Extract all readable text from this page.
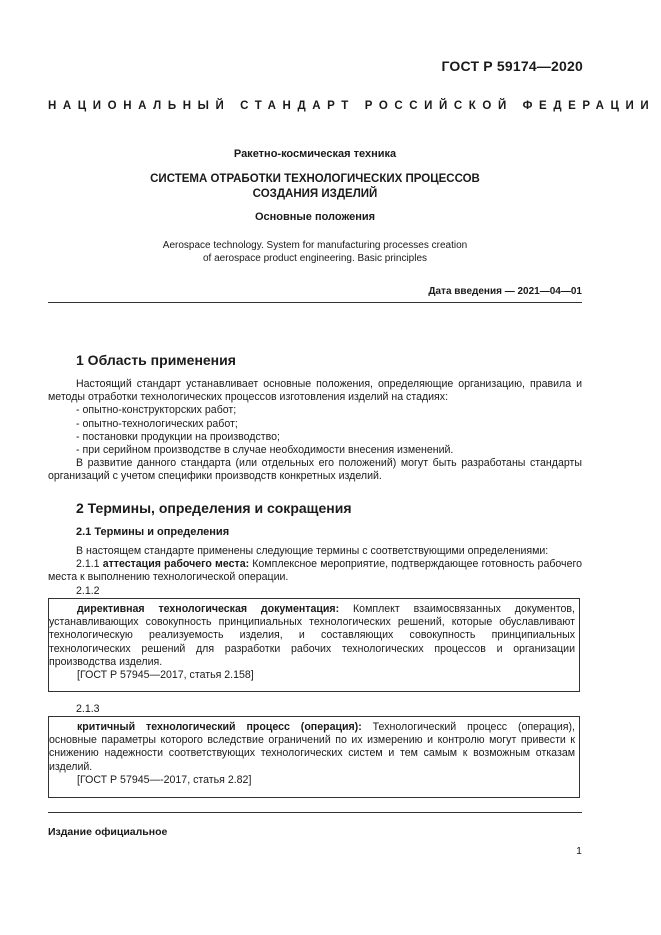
ГОСТ Р 59174—2020
НАЦИОНАЛЬНЫЙ СТАНДАРТ РОССИЙСКОЙ ФЕДЕРАЦИИ
Ракетно-космическая техника
СИСТЕМА ОТРАБОТКИ ТЕХНОЛОГИЧЕСКИХ ПРОЦЕССОВ
СОЗДАНИЯ ИЗДЕЛИЙ
Основные положения
Aerospace technology. System for manufacturing processes creation
of aerospace product engineering. Basic principles
Дата введения — 2021—04—01
1 Область применения

Настоящий стандарт устанавливает основные положения, определяющие организацию, правила и методы отработки технологических процессов изготовления изделий на стадиях:

- опытно-конструкторских работ;

- опытно-технологических работ;

- постановки продукции на производство;

- при серийном производстве в случае необходимости внесения изменений.

В развитие данного стандарта (или отдельных его положений) могут быть разработаны стандарты организаций с учетом специфики производств конкретных изделий.

2 Термины, определения и сокращения
2.1 Термины и определения

В настоящем стандарте применены следующие термины с соответствующими определениями:

2.1.1 аттестация рабочего места: Комплексное мероприятие, подтверждающее готовность рабочего места к выполнению технологической операции.

2.1.2

директивная технологическая документация: Комплект взаимосвязанных документов, устанавливающих совокупность принципиальных технологических решений, которые обуславливают технологическую реализуемость изделия, и составляющих совокупность принципиальных технологических решений для разработки рабочих технологических процессов и организации производства изделия.

[ГОСТ Р 57945—2017, статья 2.158]

2.1.3

критичный технологический процесс (операция): Технологический процесс (операция), основные параметры которого вследствие ограничений по их измерению и контролю могут привести к снижению надежности соответствующих технологических систем и тем самым к возможным отказам изделий.

[ГОСТ Р 57945—-2017, статья 2.82]

Издание официальное
1
